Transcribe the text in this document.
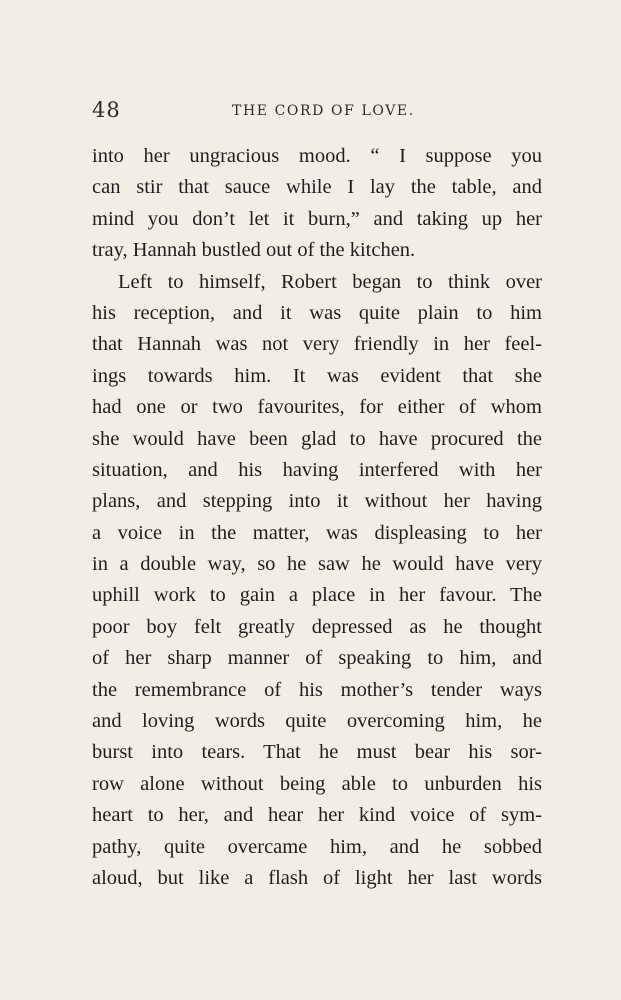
48	THE CORD OF LOVE.
into her ungracious mood. “ I suppose you
can stir that sauce while I lay the table, and
mind you don’t let it burn,” and taking up her
tray, Hannah bustled out of the kitchen.
Left to himself, Robert began to think over
his reception, and it was quite plain to him
that Hannah was not very friendly in her feel-
ings towards him. It was evident that she
had one or two favourites, for either of whom
she would have been glad to have procured the
situation, and his having interfered with her
plans, and stepping into it without her having
a voice in the matter, was displeasing to her
in a double way, so he saw he would have very
uphill work to gain a place in her favour. The
poor boy felt greatly depressed as he thought
of her sharp manner of speaking to him, and
the remembrance of his mother’s tender ways
and loving words quite overcoming him, he
burst into tears. That he must bear his sor-
row alone without being able to unburden his
heart to her, and hear her kind voice of sym-
pathy, quite overcame him, and he sobbed
aloud, but like a flash of light her last words
